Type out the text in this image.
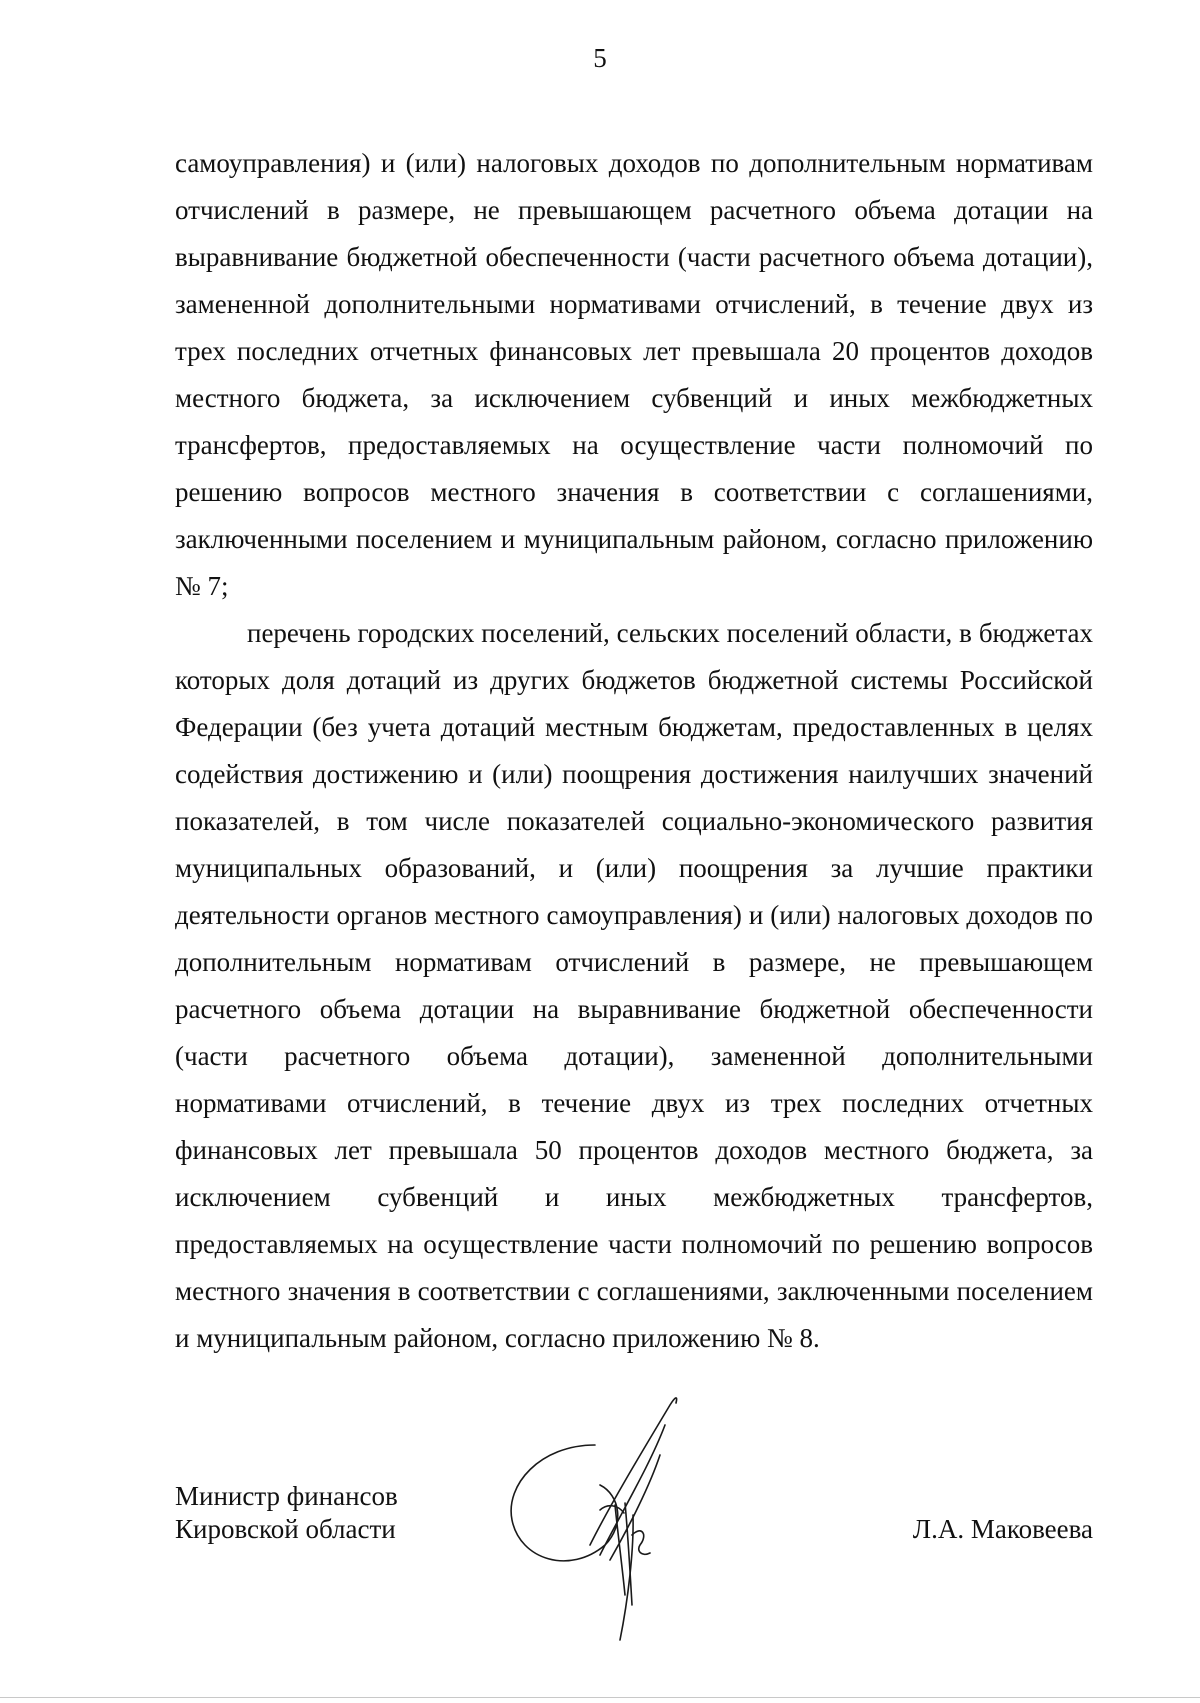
5

самоуправления) и (или) налоговых доходов по дополнительным нормативам отчислений в размере, не превышающем расчетного объема дотации на выравнивание бюджетной обеспеченности (части расчетного объема дотации), замененной дополнительными нормативами отчислений, в течение двух из трех последних отчетных финансовых лет превышала 20 процентов доходов местного бюджета, за исключением субвенций и иных межбюджетных трансфертов, предоставляемых на осуществление части полномочий по решению вопросов местного значения в соответствии с соглашениями, заключенными поселением и муниципальным районом, согласно приложению № 7;

перечень городских поселений, сельских поселений области, в бюджетах которых доля дотаций из других бюджетов бюджетной системы Российской Федерации (без учета дотаций местным бюджетам, предоставленных в целях содействия достижению и (или) поощрения достижения наилучших значений показателей, в том числе показателей социально-экономического развития муниципальных образований, и (или) поощрения за лучшие практики деятельности органов местного самоуправления) и (или) налоговых доходов по дополнительным нормативам отчислений в размере, не превышающем расчетного объема дотации на выравнивание бюджетной обеспеченности (части расчетного объема дотации), замененной дополнительными нормативами отчислений, в течение двух из трех последних отчетных финансовых лет превышала 50 процентов доходов местного бюджета, за исключением субвенций и иных межбюджетных трансфертов, предоставляемых на осуществление части полномочий по решению вопросов местного значения в соответствии с соглашениями, заключенными поселением и муниципальным районом, согласно приложению № 8.

Министр финансов
Кировской области	Л.А. Маковеева
